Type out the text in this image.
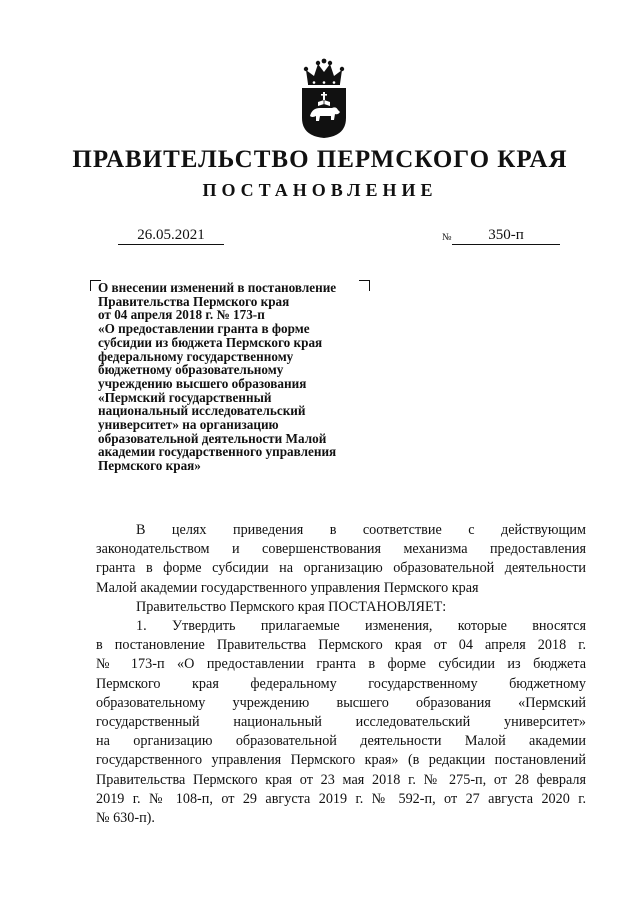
ПРАВИТЕЛЬСТВО ПЕРМСКОГО КРАЯ
ПОСТАНОВЛЕНИЕ
26.05.2021	№	350-п
О внесении изменений в постановление
Правительства Пермского края
от 04 апреля 2018 г. № 173-п
«О предоставлении гранта в форме
субсидии из бюджета Пермского края
федеральному государственному
бюджетному образовательному
учреждению высшего образования
«Пермский государственный
национальный исследовательский
университет» на организацию
образовательной деятельности Малой
академии государственного управления
Пермского края»

В целях приведения в соответствие с действующим

законодательством и совершенствования механизма предоставления

гранта в форме субсидии на организацию образовательной деятельности

Малой академии государственного управления Пермского края

Правительство Пермского края ПОСТАНОВЛЯЕТ:

1. Утвердить прилагаемые изменения, которые вносятся

в постановление Правительства Пермского края от 04 апреля 2018 г.

№ 173-п «О предоставлении гранта в форме субсидии из бюджета

Пермского края федеральному государственному бюджетному

образовательному учреждению высшего образования «Пермский

государственный национальный исследовательский университет»

на организацию образовательной деятельности Малой академии

государственного управления Пермского края» (в редакции постановлений

Правительства Пермского края от 23 мая 2018 г. № 275-п, от 28 февраля

2019 г. № 108-п, от 29 августа 2019 г. № 592-п, от 27 августа 2020 г.

№ 630-п).
